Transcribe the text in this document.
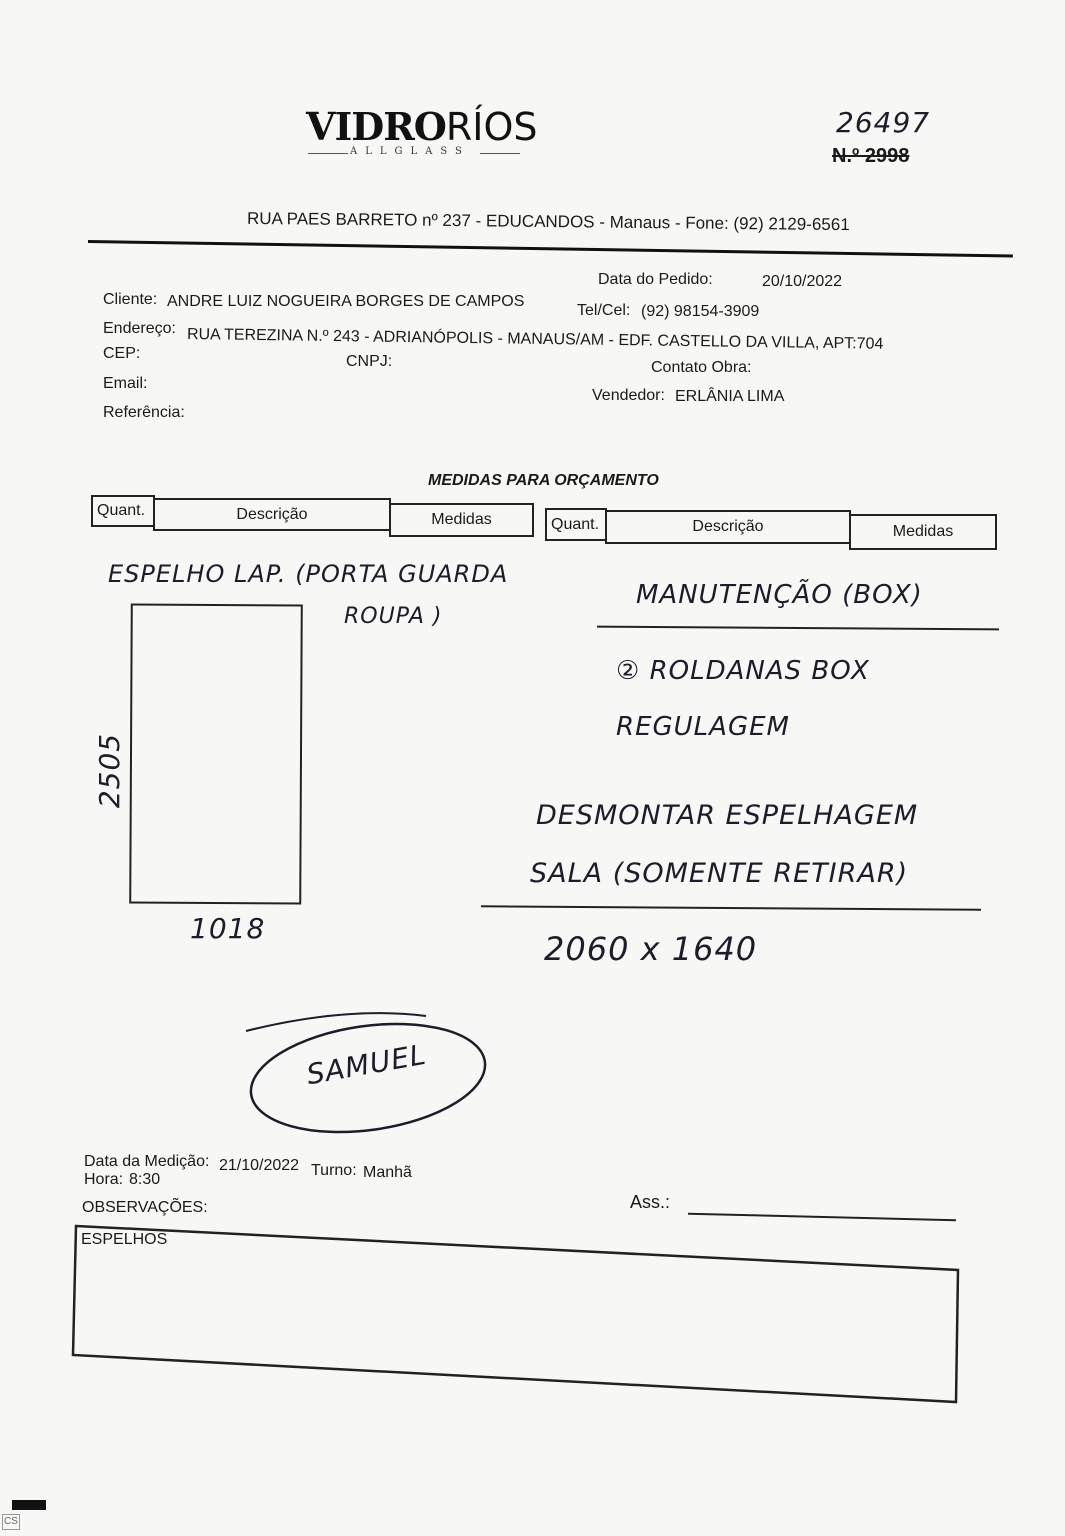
VIDRORÍOS
ALLGLASS
26497
N.º 2998
RUA PAES BARRETO nº 237 - EDUCANDOS - Manaus - Fone: (92) 2129-6561
Data do Pedido:	20/10/2022
Cliente: ANDRE LUIZ NOGUEIRA BORGES DE CAMPOS
Tel/Cel: (92) 98154-3909
Endereço: RUA TEREZINA N.º 243 - ADRIANÓPOLIS - MANAUS/AM - EDF. CASTELLO DA VILLA, APT:704
CEP:	CNPJ:	Contato Obra:
Email:
Vendedor: ERLÂNIA LIMA
Referência:
MEDIDAS PARA ORÇAMENTO
Quant.	Descrição	Medidas	Quant.	Descrição	Medidas
ESPELHO LAP. (PORTA GUARDA
ROUPA )
2505
1018
MANUTENÇÃO (BOX)
② ROLDANAS BOX
REGULAGEM
DESMONTAR ESPELHAGEM
SALA (SOMENTE RETIRAR)
2060 x 1640
SAMUEL
Data da Medição: 21/10/2022 Turno: Manhã
Hora: 8:30
OBSERVAÇÕES:	Ass.:
ESPELHOS
CS
